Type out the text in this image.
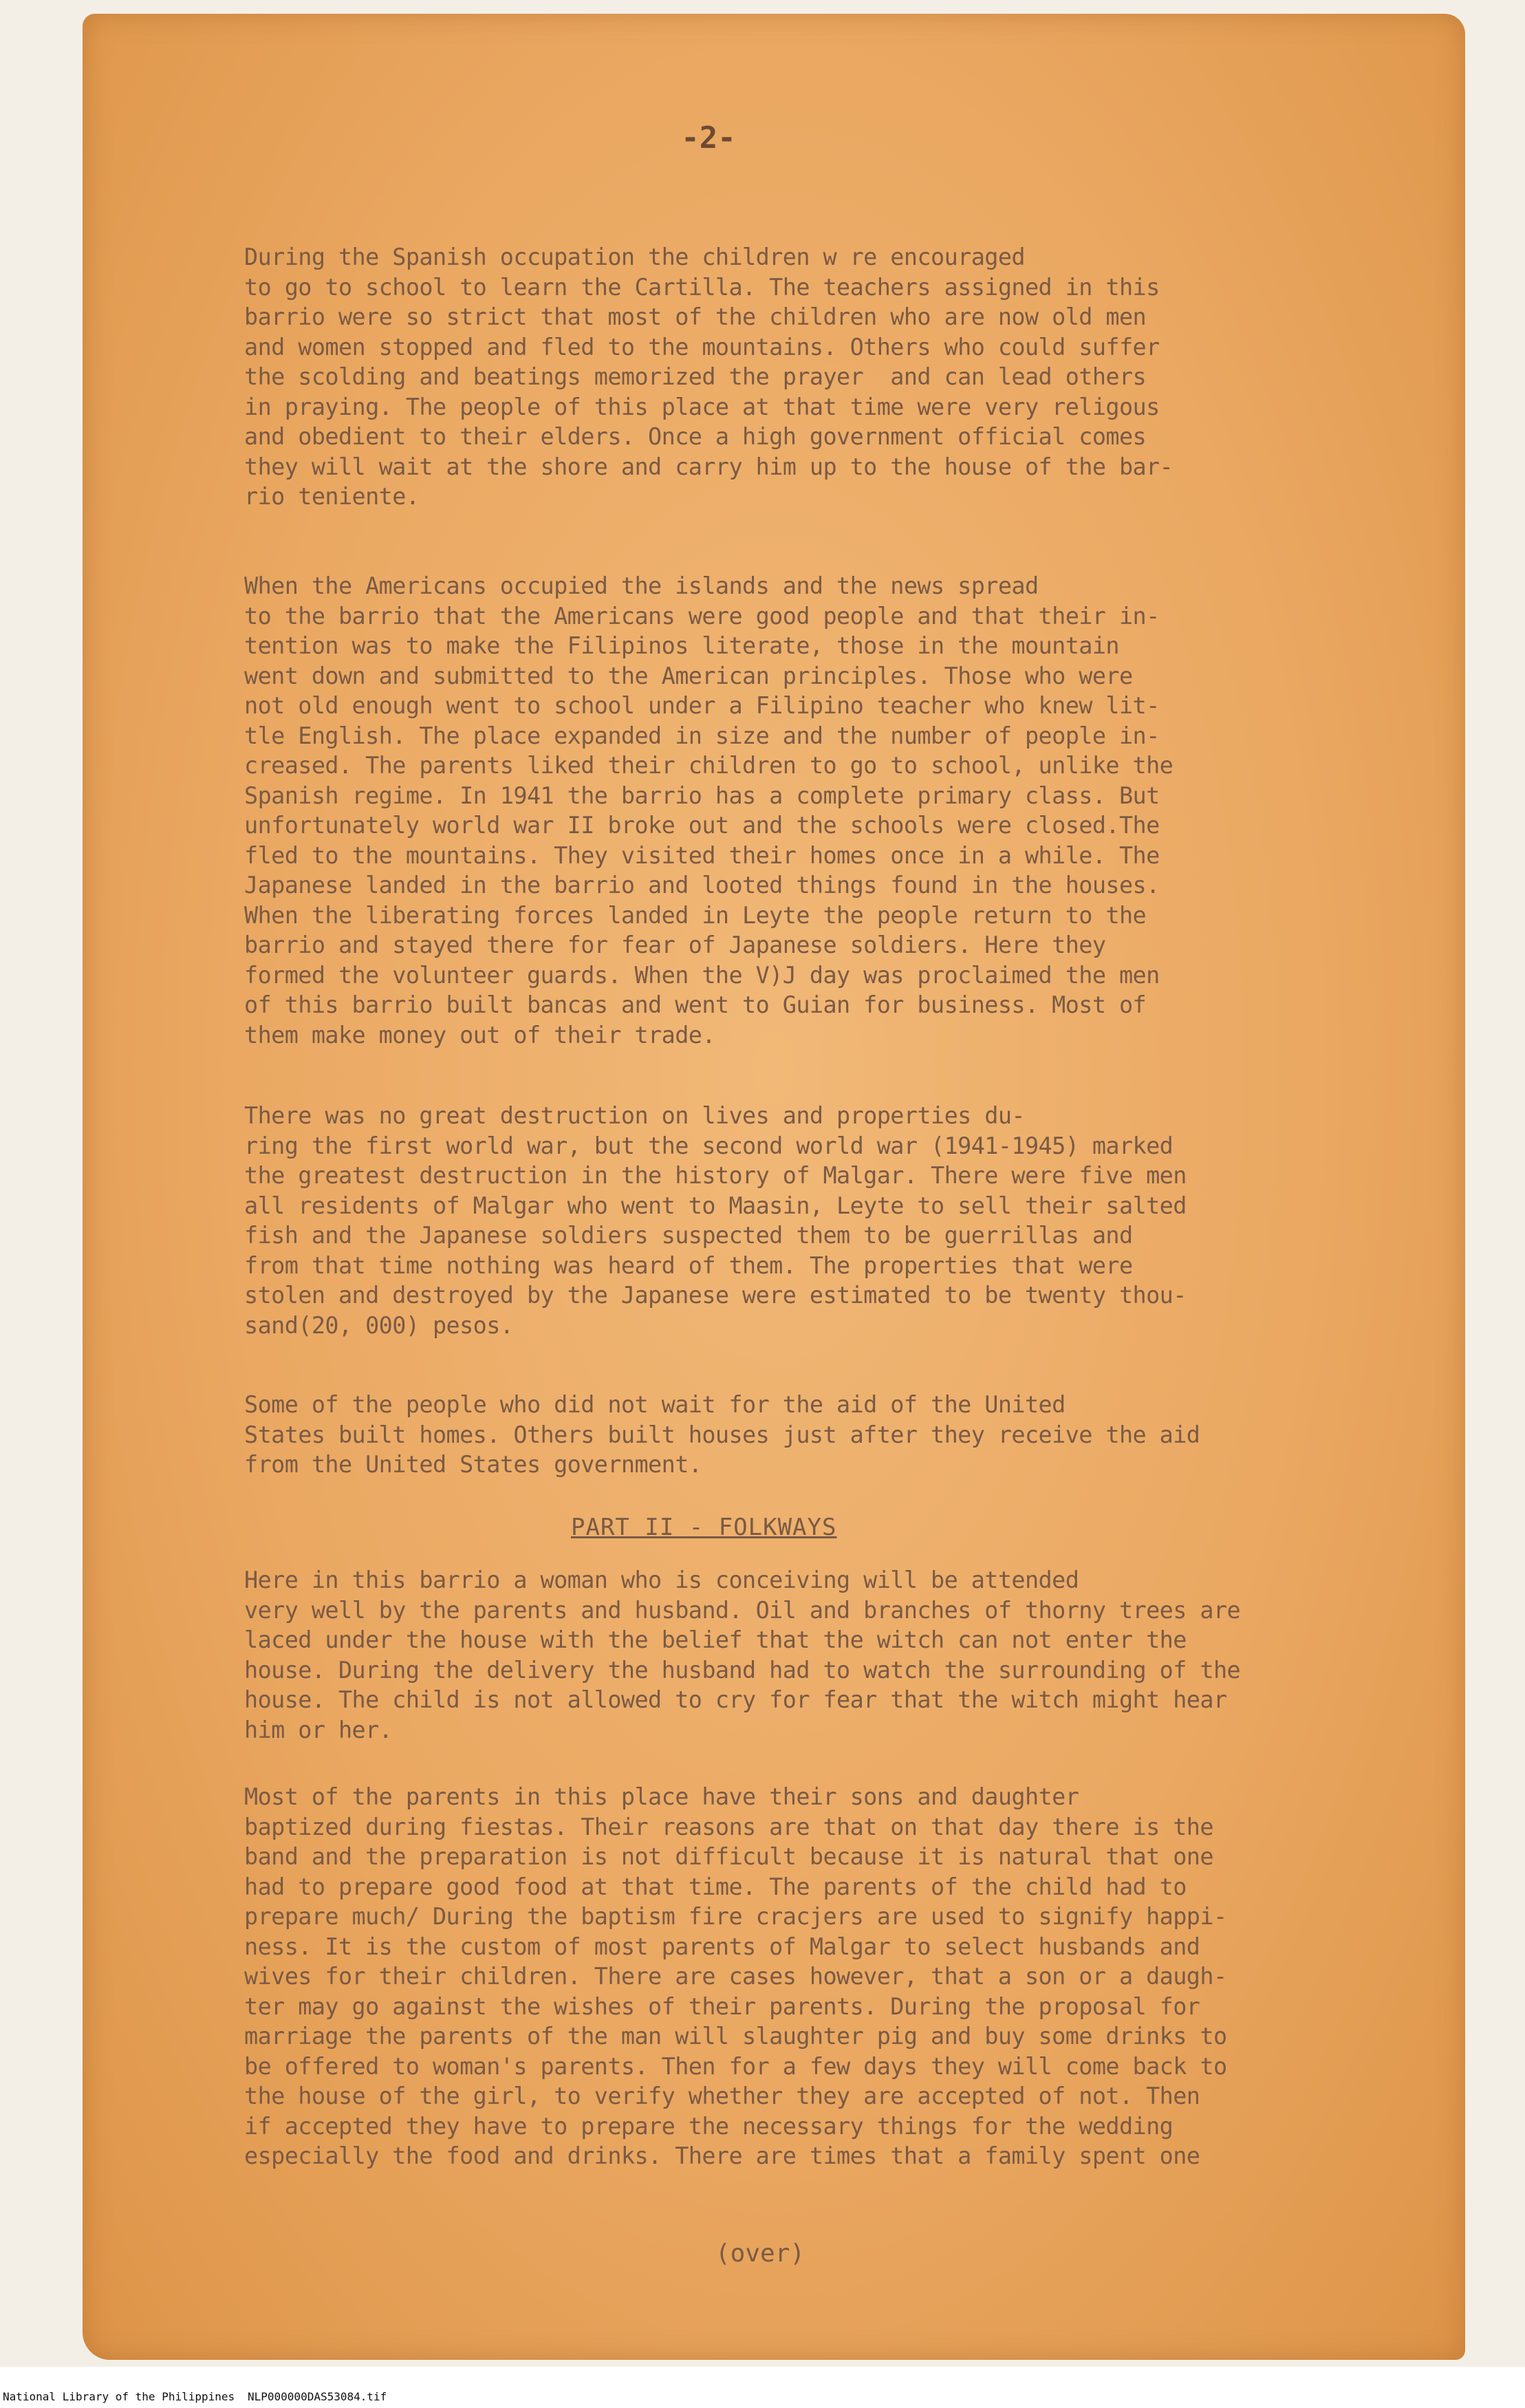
-2-

During the Spanish occupation the children w re encouraged
to go to school to learn the Cartilla. The teachers assigned in this
barrio were so strict that most of the children who are now old men
and women stopped and fled to the mountains. Others who could suffer
the scolding and beatings memorized the prayer  and can lead others
in praying. The people of this place at that time were very religous
and obedient to their elders. Once a high government official comes
they will wait at the shore and carry him up to the house of the bar-
rio teniente.

When the Americans occupied the islands and the news spread
to the barrio that the Americans were good people and that their in-
tention was to make the Filipinos literate, those in the mountain
went down and submitted to the American principles. Those who were
not old enough went to school under a Filipino teacher who knew lit-
tle English. The place expanded in size and the number of people in-
creased. The parents liked their children to go to school, unlike the
Spanish regime. In 1941 the barrio has a complete primary class. But
unfortunately world war II broke out and the schools were closed.The
fled to the mountains. They visited their homes once in a while. The
Japanese landed in the barrio and looted things found in the houses.
When the liberating forces landed in Leyte the people return to the
barrio and stayed there for fear of Japanese soldiers. Here they
formed the volunteer guards. When the V)J day was proclaimed the men
of this barrio built bancas and went to Guian for business. Most of
them make money out of their trade.

There was no great destruction on lives and properties du-
ring the first world war, but the second world war (1941-1945) marked
the greatest destruction in the history of Malgar. There were five men
all residents of Malgar who went to Maasin, Leyte to sell their salted
fish and the Japanese soldiers suspected them to be guerrillas and
from that time nothing was heard of them. The properties that were
stolen and destroyed by the Japanese were estimated to be twenty thou-
sand(20, 000) pesos.

Some of the people who did not wait for the aid of the United
States built homes. Others built houses just after they receive the aid
from the United States government.

PART II - FOLKWAYS

Here in this barrio a woman who is conceiving will be attended
very well by the parents and husband. Oil and branches of thorny trees are
laced under the house with the belief that the witch can not enter the
house. During the delivery the husband had to watch the surrounding of the
house. The child is not allowed to cry for fear that the witch might hear
him or her.

Most of the parents in this place have their sons and daughter
baptized during fiestas. Their reasons are that on that day there is the
band and the preparation is not difficult because it is natural that one
had to prepare good food at that time. The parents of the child had to
prepare much/ During the baptism fire cracjers are used to signify happi-
ness. It is the custom of most parents of Malgar to select husbands and
wives for their children. There are cases however, that a son or a daugh-
ter may go against the wishes of their parents. During the proposal for
marriage the parents of the man will slaughter pig and buy some drinks to
be offered to woman's parents. Then for a few days they will come back to
the house of the girl, to verify whether they are accepted of not. Then
if accepted they have to prepare the necessary things for the wedding
especially the food and drinks. There are times that a family spent one

(over)
National Library of the Philippines NLP000000DAS53084.tif
